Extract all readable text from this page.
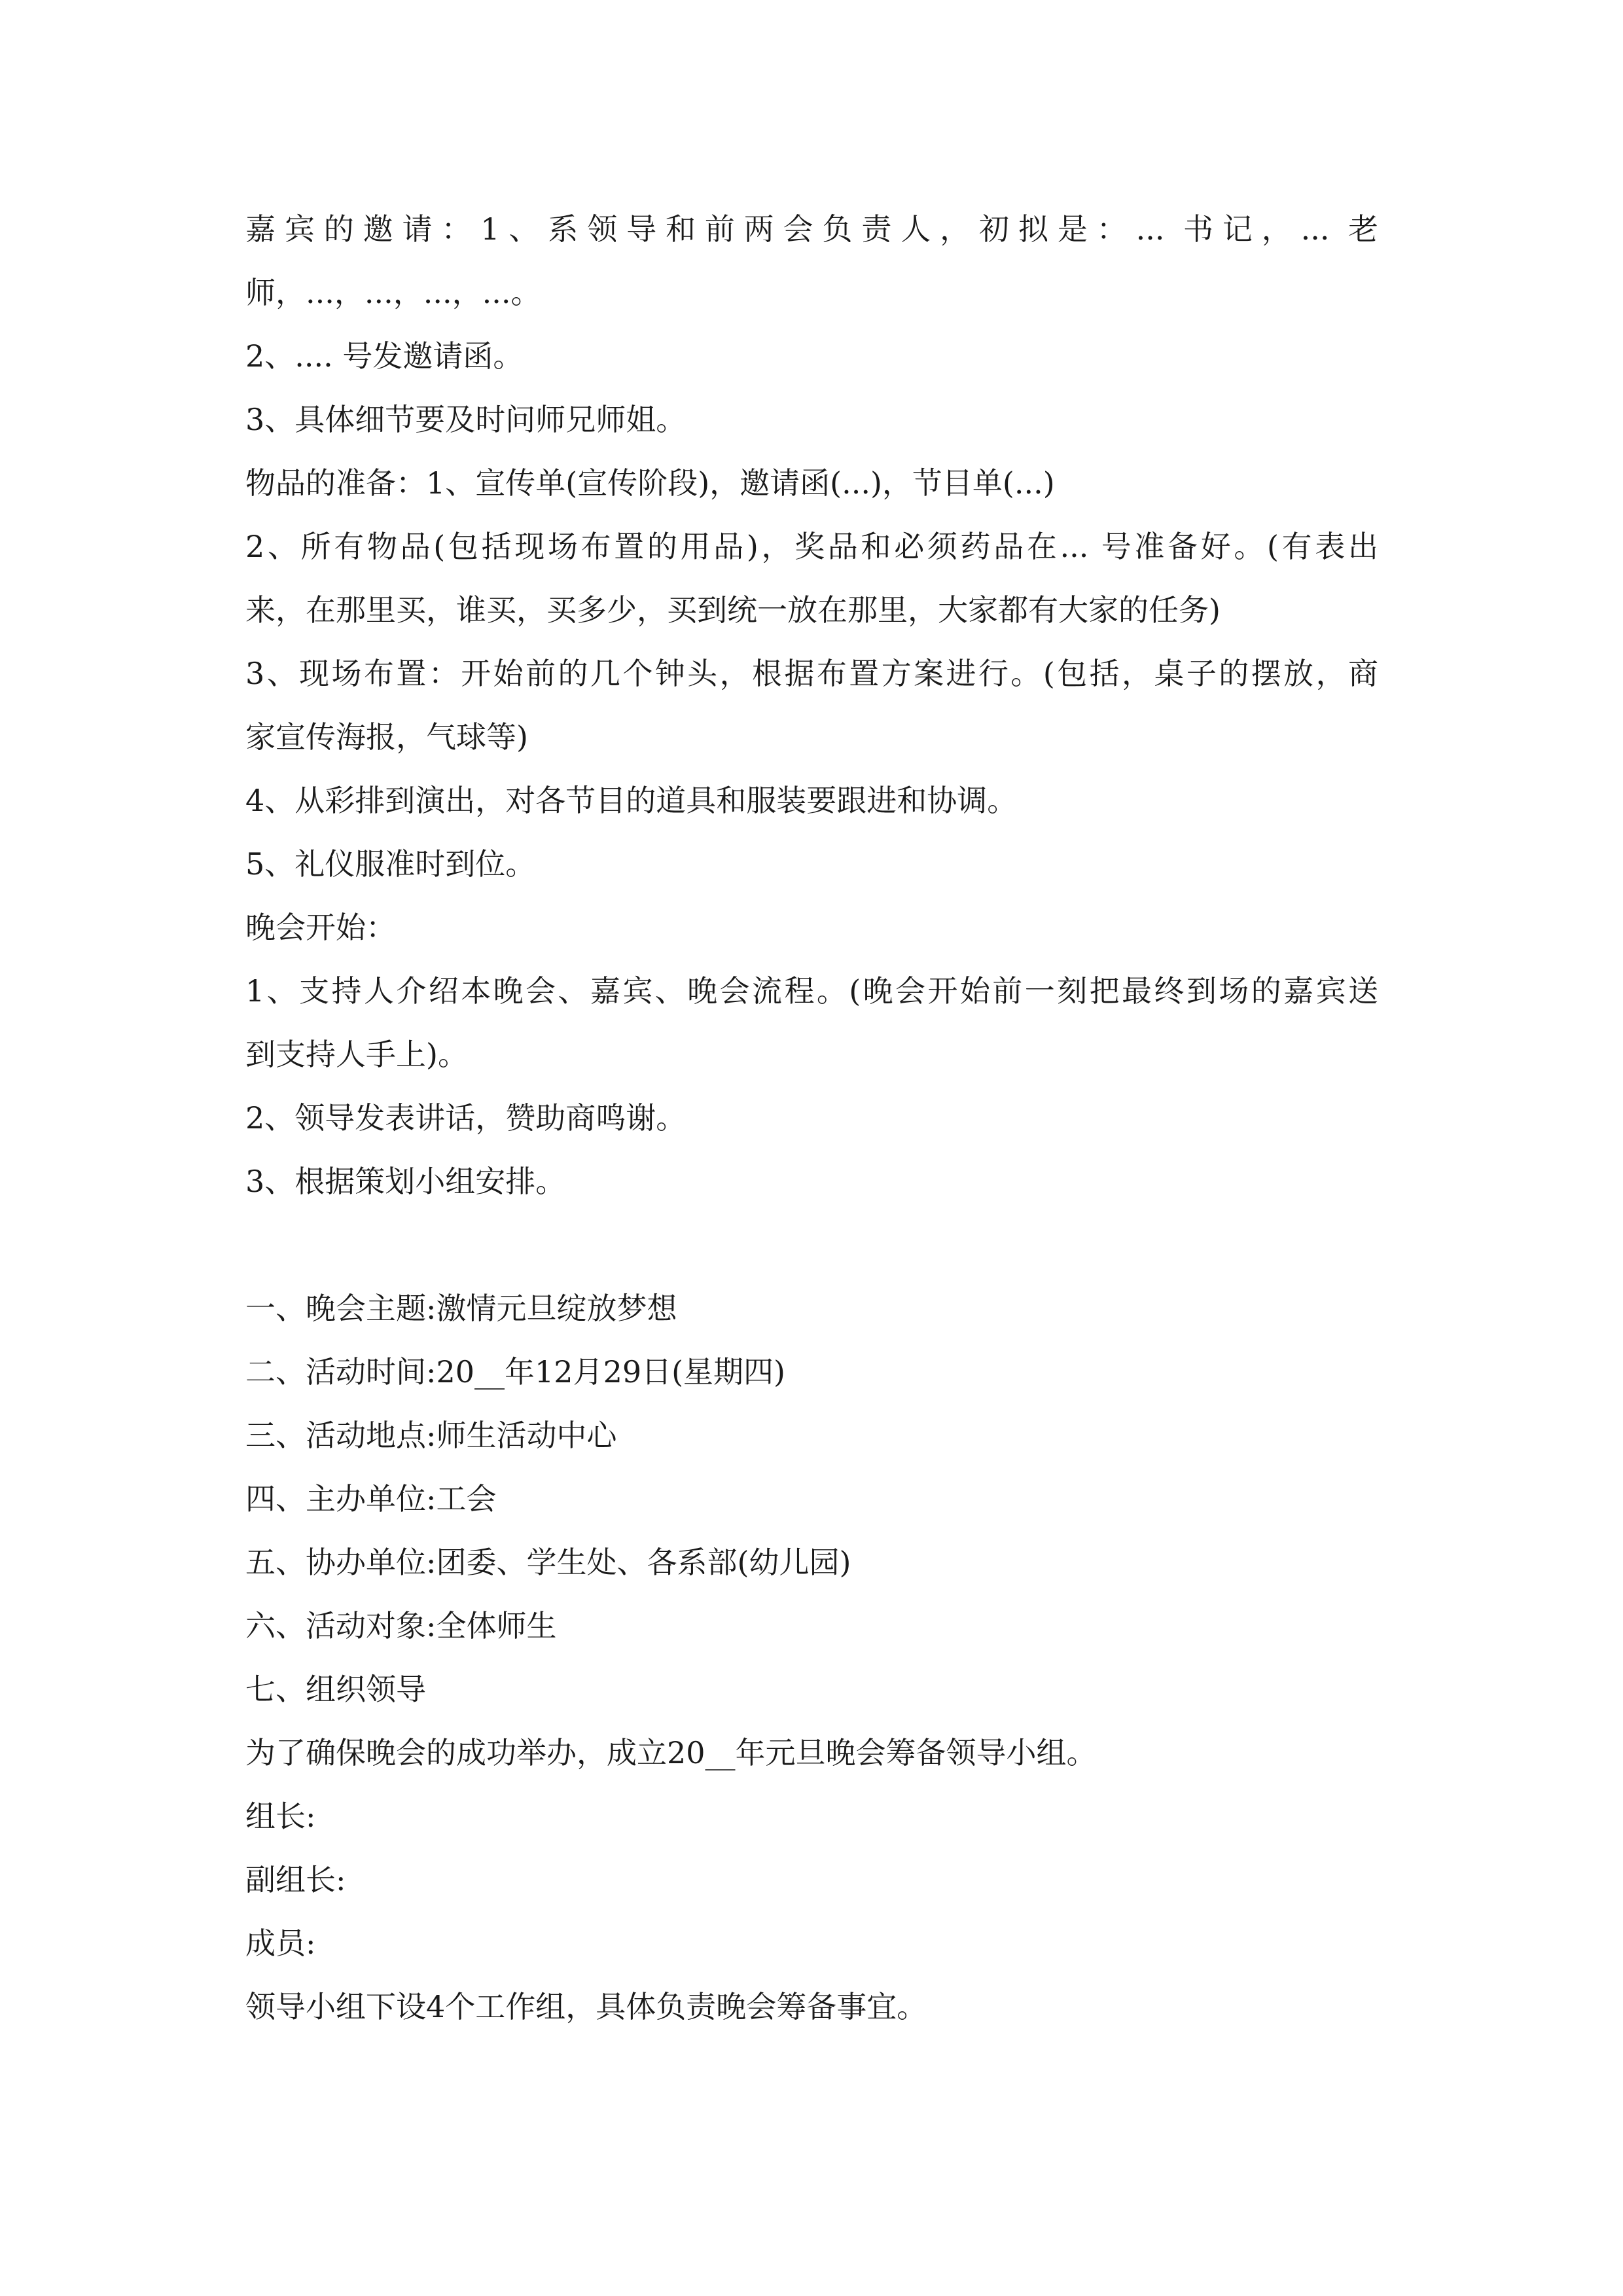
嘉宾的邀请：1、系领导和前两会负责人，初拟是：... 书记，... 老
师，...，...，...，...。
2、.... 号发邀请函。
3、具体细节要及时问师兄师姐。
物品的准备：1、宣传单(宣传阶段)，邀请函(...)，节目单(...)
2、所有物品(包括现场布置的用品)，奖品和必须药品在... 号准备好。(有表出
来，在那里买，谁买，买多少，买到统一放在那里，大家都有大家的任务)
3、现场布置：开始前的几个钟头，根据布置方案进行。(包括，桌子的摆放，商
家宣传海报，气球等)
4、从彩排到演出，对各节目的道具和服装要跟进和协调。
5、礼仪服准时到位。
晚会开始：
1、支持人介绍本晚会、嘉宾、晚会流程。(晚会开始前一刻把最终到场的嘉宾送
到支持人手上)。
2、领导发表讲话，赞助商鸣谢。
3、根据策划小组安排。
一、晚会主题:激情元旦绽放梦想
二、活动时间:20__年12月29日(星期四)
三、活动地点:师生活动中心
四、主办单位:工会
五、协办单位:团委、学生处、各系部(幼儿园)
六、活动对象:全体师生
七、组织领导
为了确保晚会的成功举办，成立20__年元旦晚会筹备领导小组。
组长:
副组长:
成员:
领导小组下设4个工作组，具体负责晚会筹备事宜。
